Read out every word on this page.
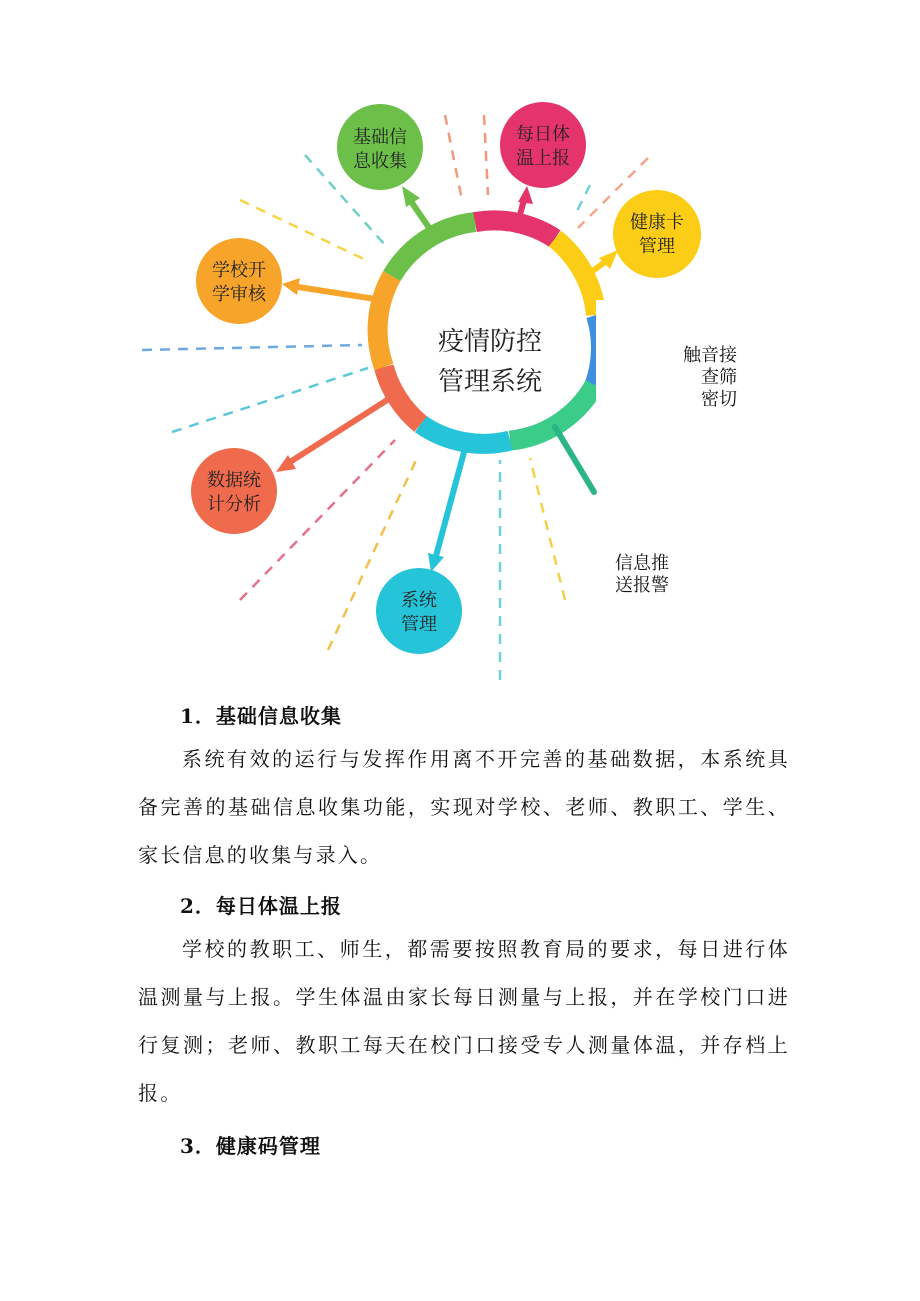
基础信
息收集
每日体
温上报
健康卡
管理
学校开
学审核
数据统
计分析
系统
管理
疫情防控
管理系统
触音接
查筛
密切
信息推
送报警
1．基础信息收集
系统有效的运行与发挥作用离不开完善的基础数据，本系统具备完善的基础信息收集功能，实现对学校、老师、教职工、学生、家长信息的收集与录入。
2．每日体温上报
学校的教职工、师生，都需要按照教育局的要求，每日进行体温测量与上报。学生体温由家长每日测量与上报，并在学校门口进行复测；老师、教职工每天在校门口接受专人测量体温，并存档上报。
3．健康码管理
